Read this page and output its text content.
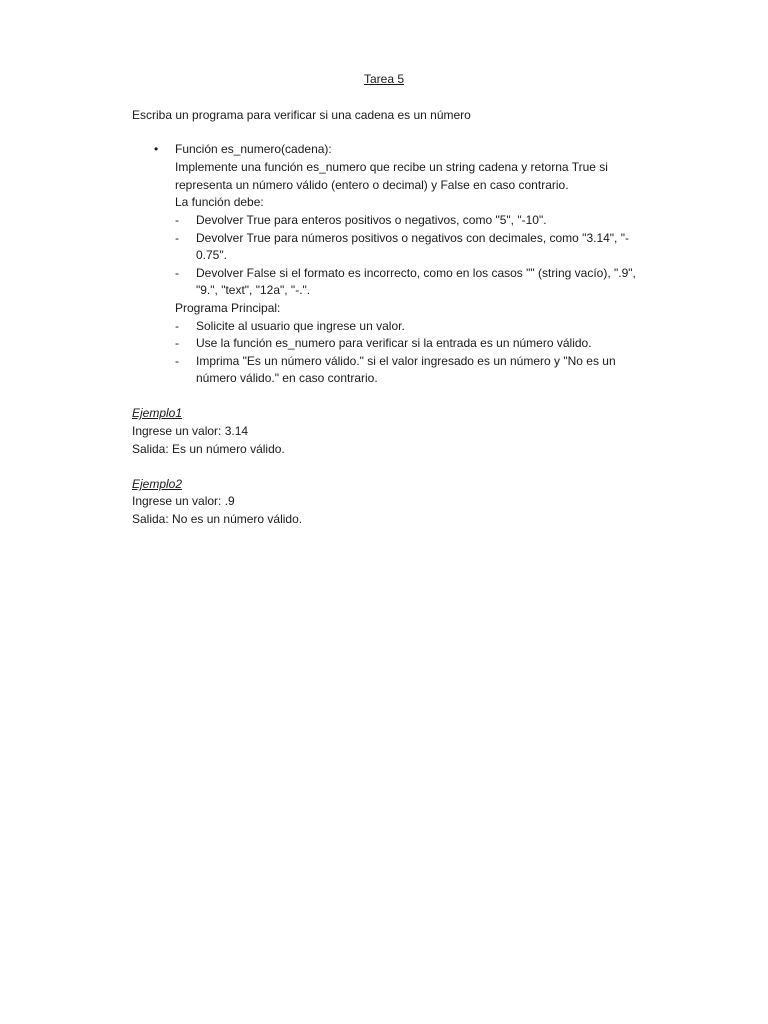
Tarea 5
Escriba un programa para verificar si una cadena es un número
• Función es_numero(cadena):
Implemente una función es_numero que recibe un string cadena y retorna True si
representa un número válido (entero o decimal) y False en caso contrario.
La función debe:
- Devolver True para enteros positivos o negativos, como "5", "-10".
- Devolver True para números positivos o negativos con decimales, como "3.14", "-
0.75".
- Devolver False si el formato es incorrecto, como en los casos "" (string vacío), ".9",
"9.", "text", "12a", "-.".
Programa Principal:
- Solicite al usuario que ingrese un valor.
- Use la función es_numero para verificar si la entrada es un número válido.
- Imprima "Es un número válido." si el valor ingresado es un número y "No es un
número válido." en caso contrario.
Ejemplo1
Ingrese un valor: 3.14
Salida: Es un número válido.
Ejemplo2
Ingrese un valor: .9
Salida: No es un número válido.
